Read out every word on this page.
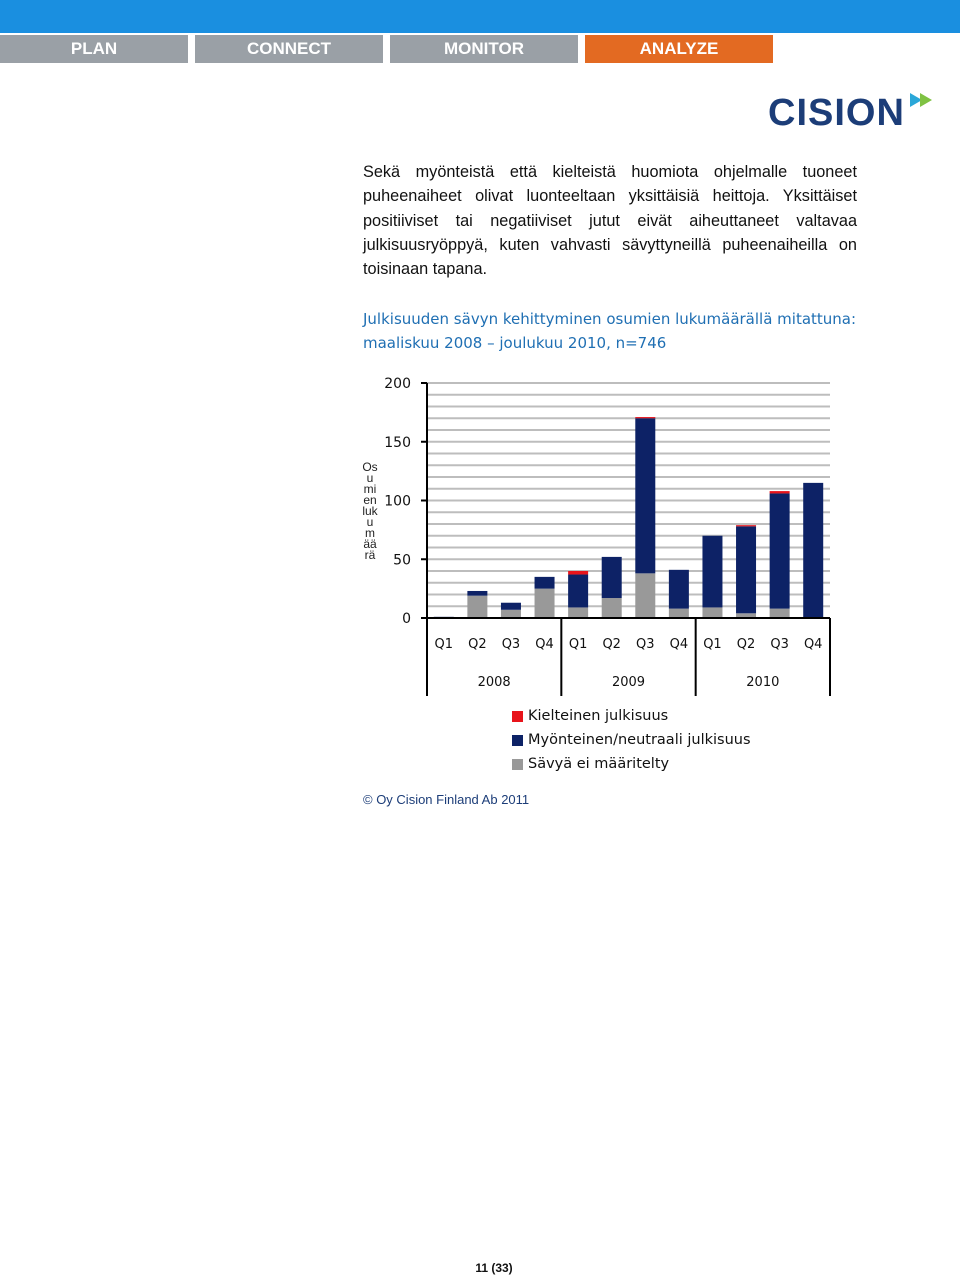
PLAN	CONNECT	MONITOR	ANALYZE
CISION
Sekä myönteistä että kielteistä huomiota ohjelmalle tuoneet puheenaiheet olivat luonteeltaan yksittäisiä heittoja. Yksittäiset positiiviset tai negatiiviset jutut eivät aiheuttaneet valtavaa julkisuusryöppyä, kuten vahvasti sävyttyneillä puheenaiheilla on toisinaan tapana.
Julkisuuden sävyn kehittyminen osumien lukumäärällä mitattuna:
maaliskuu 2008 – joulukuu 2010, n=746
Osumien lukumäärä
0
50
100
150
200
Q1 Q2 Q3 Q4 Q1 Q2 Q3 Q4 Q1 Q2 Q3 Q4
2008	2009	2010
Kielteinen julkisuus
Myönteinen/neutraali julkisuus
Sävyä ei määritelty
© Oy Cision Finland Ab 2011
11 (33)
